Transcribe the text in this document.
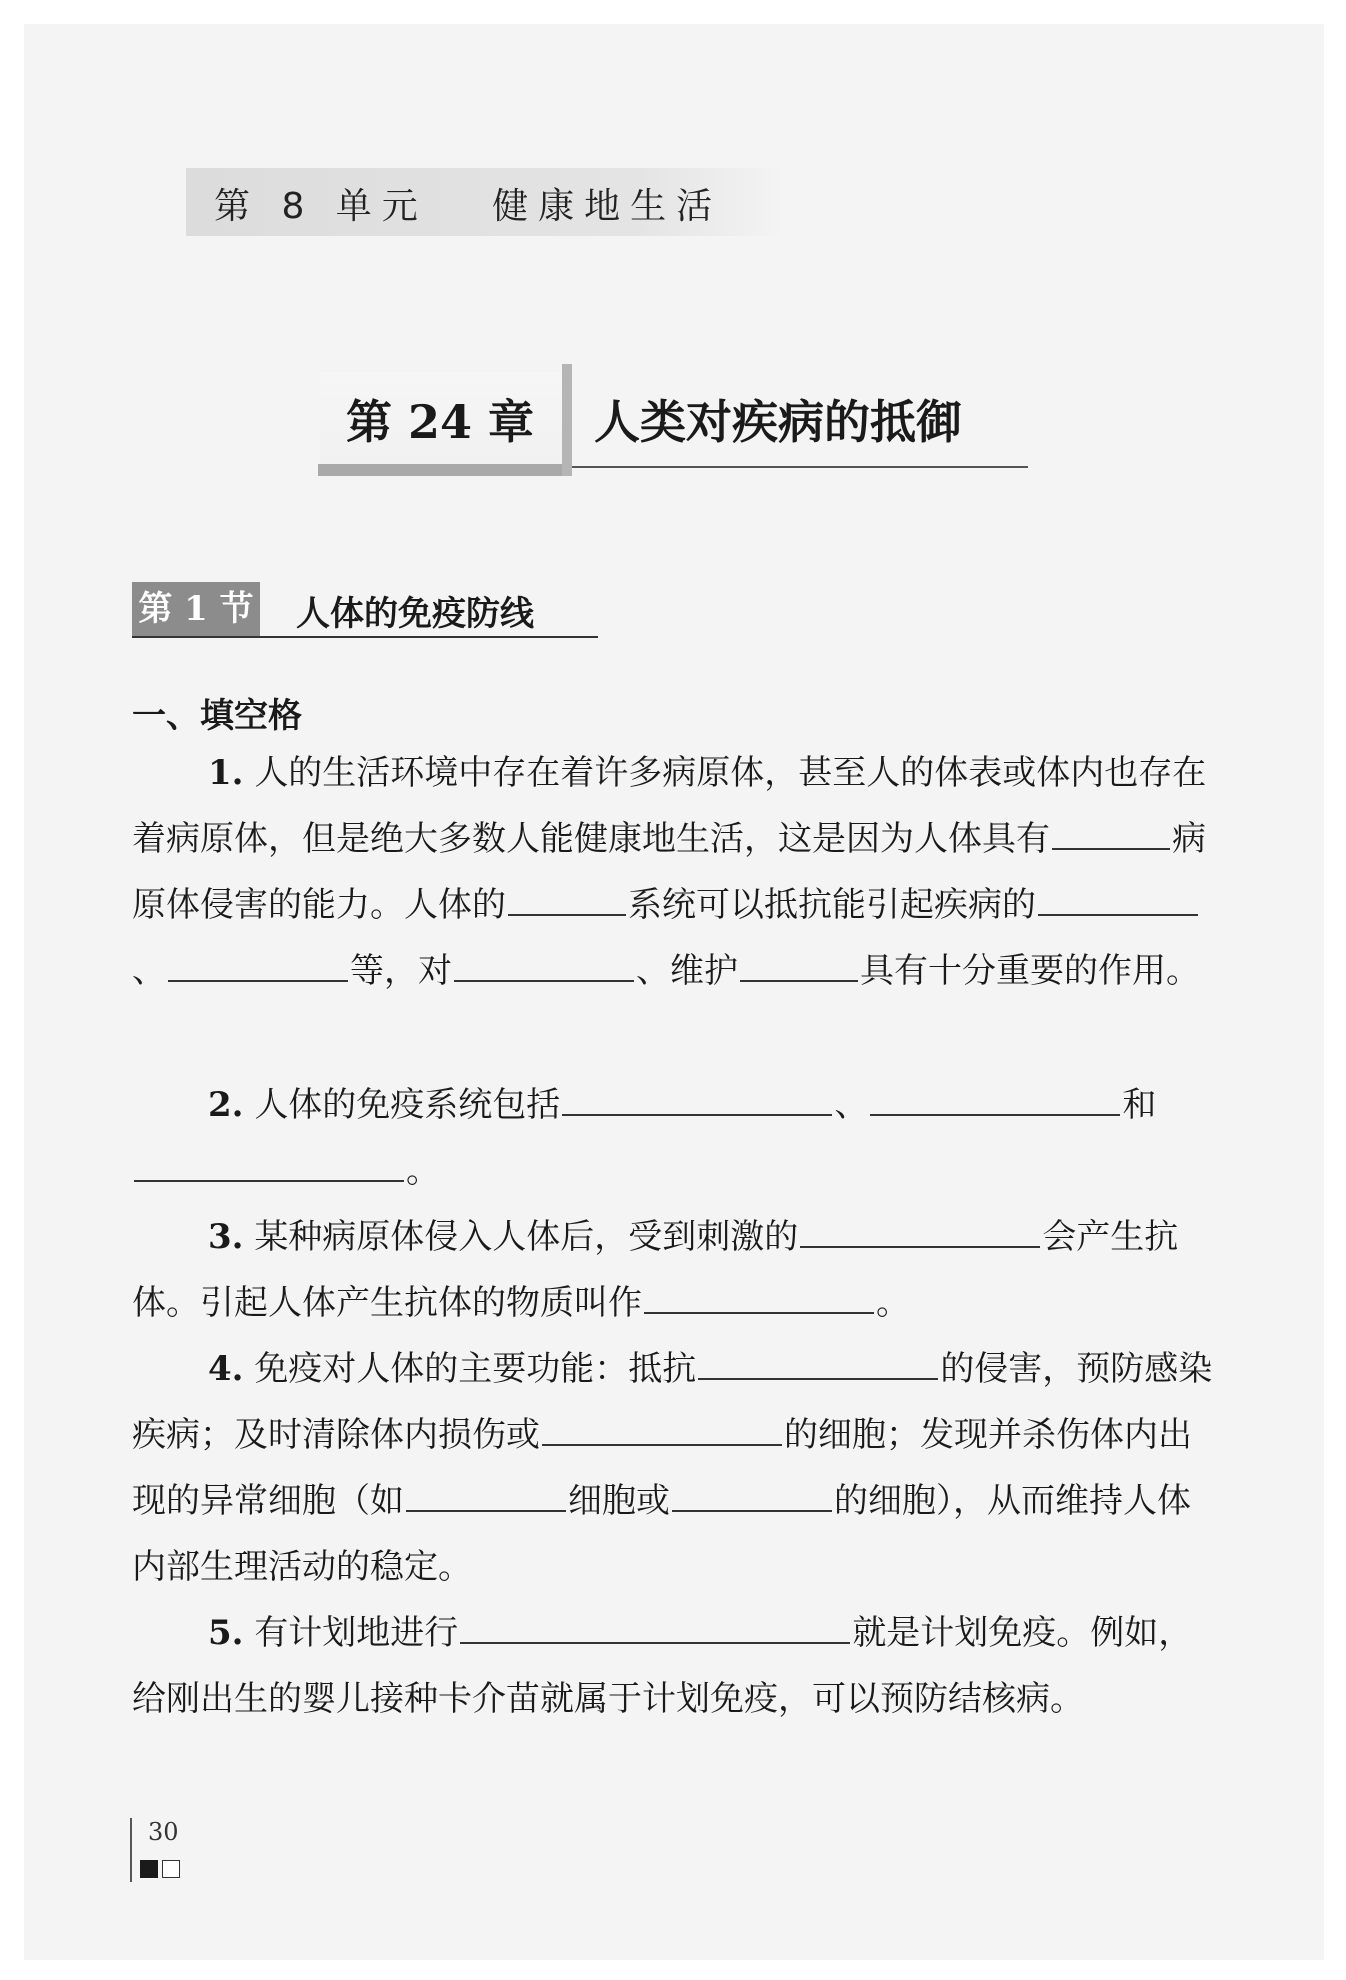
第 8 单元   健康地生活
第 24 章 人类对疾病的抵御
第 1 节 人体的免疫防线
一、填空格
1. 人的生活环境中存在着许多病原体，甚至人的体表或体内也存在着病原体，但是绝大多数人能健康地生活，这是因为人体具有	病原体侵害的能力。人体的	系统可以抵抗能引起疾病的、	等，对	、维护	具有十分重要的作用。
2. 人体的免疫系统包括	、	和。
3. 某种病原体侵入人体后，受到刺激的	会产生抗体。引起人体产生抗体的物质叫作	。
4. 免疫对人体的主要功能：抵抗	的侵害，预防感染疾病；及时清除体内损伤或	的细胞；发现并杀伤体内出现的异常细胞（如	细胞或	的细胞），从而维持人体内部生理活动的稳定。
5. 有计划地进行	就是计划免疫。例如，给刚出生的婴儿接种卡介苗就属于计划免疫，可以预防结核病。
30
